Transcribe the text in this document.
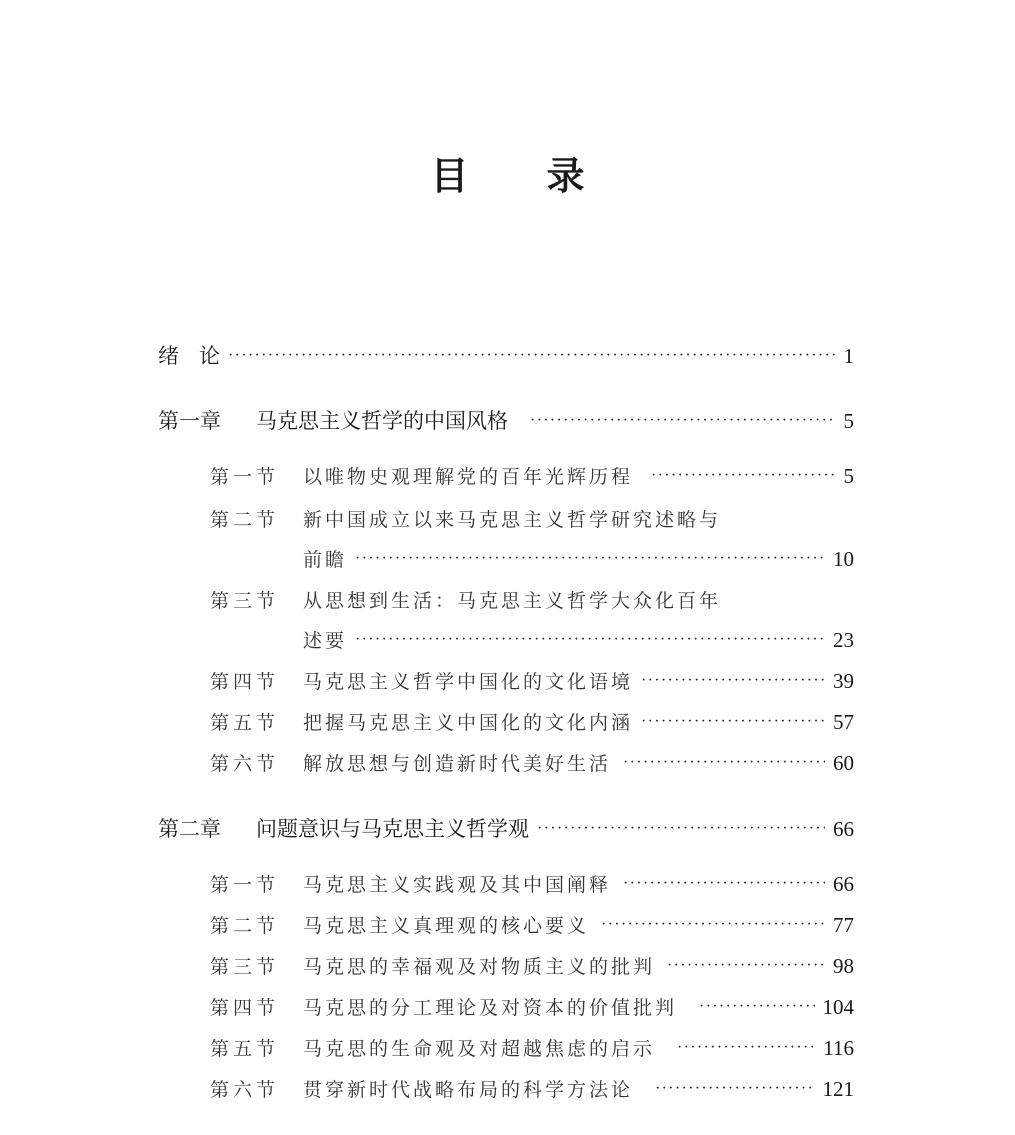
目 录
绪 论 ·····	1
第一章	马克思主义哲学的中国风格 ·····	5
第一节	以唯物史观理解党的百年光辉历程 ·····	5
第二节	新中国成立以来马克思主义哲学研究述略与
前瞻 ·····	10
第三节	从思想到生活：马克思主义哲学大众化百年
述要 ·····	23
第四节	马克思主义哲学中国化的文化语境 ·····	39
第五节	把握马克思主义中国化的文化内涵 ·····	57
第六节	解放思想与创造新时代美好生活 ·····	60
第二章	问题意识与马克思主义哲学观 ·····	66
第一节	马克思主义实践观及其中国阐释 ·····	66
第二节	马克思主义真理观的核心要义 ·····	77
第三节	马克思的幸福观及对物质主义的批判 ·····	98
第四节	马克思的分工理论及对资本的价值批判 ·····	104
第五节	马克思的生命观及对超越焦虑的启示 ·····	116
第六节	贯穿新时代战略布局的科学方法论 ·····	121
